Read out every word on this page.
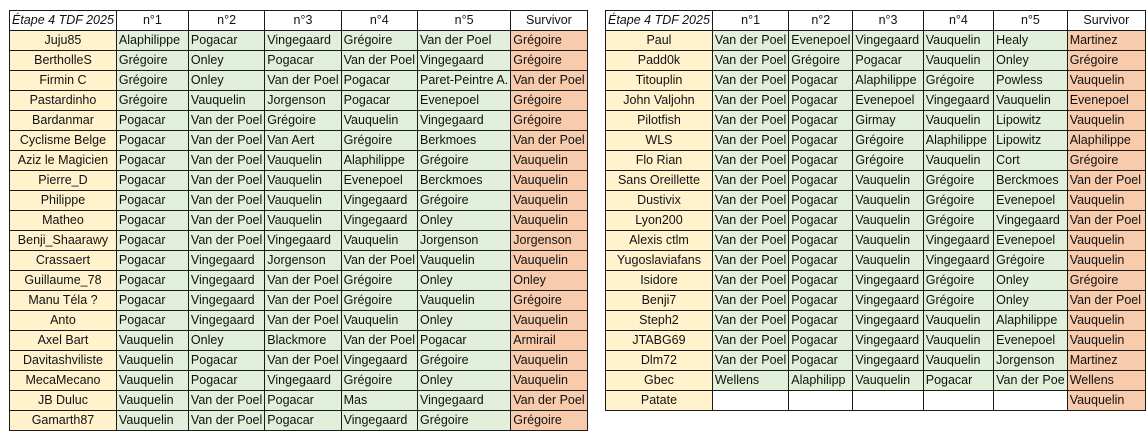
Étape 4 TDF 2025	n°1	n°2	n°3	n°4	n°5	Survivor
Juju85	Alaphilippe	Pogacar	Vingegaard	Grégoire	Van der Poel	Grégoire
BertholleS	Grégoire	Onley	Pogacar	Van der Poel	Vingegaard	Grégoire
Firmin C	Grégoire	Onley	Van der Poel	Pogacar	Paret-Peintre A.	Van der Poel
Pastardinho	Grégoire	Vauquelin	Jorgenson	Pogacar	Evenepoel	Grégoire
Bardanmar	Pogacar	Van der Poel	Grégoire	Vauquelin	Vingegaard	Grégoire
Cyclisme Belge	Pogacar	Van der Poel	Van Aert	Grégoire	Berkmoes	Van der Poel
Aziz le Magicien	Pogacar	Van der Poel	Vauquelin	Alaphilippe	Grégoire	Vauquelin
Pierre_D	Pogacar	Van der Poel	Vauquelin	Evenepoel	Berckmoes	Vauquelin
Philippe	Pogacar	Van der Poel	Vauquelin	Vingegaard	Grégoire	Vauquelin
Matheo	Pogacar	Van der Poel	Vauquelin	Vingegaard	Onley	Vauquelin
Benji_Shaarawy	Pogacar	Van der Poel	Vingegaard	Vauquelin	Jorgenson	Jorgenson
Crassaert	Pogacar	Vingegaard	Jorgenson	Van der Poel	Vauquelin	Vauquelin
Guillaume_78	Pogacar	Vingegaard	Van der Poel	Grégoire	Onley	Onley
Manu Téla ?	Pogacar	Vingegaard	Van der Poel	Grégoire	Vauquelin	Grégoire
Anto	Pogacar	Vingegaard	Van der Poel	Vauquelin	Onley	Vauquelin
Axel Bart	Vauquelin	Onley	Blackmore	Van der Poel	Pogacar	Armirail
Davitashviliste	Vauquelin	Pogacar	Van der Poel	Vingegaard	Grégoire	Vauquelin
MecaMecano	Vauquelin	Pogacar	Vingegaard	Grégoire	Onley	Vauquelin
JB Duluc	Vauquelin	Van der Poel	Pogacar	Mas	Vingegaard	Van der Poel
Gamarth87	Vauquelin	Van der Poel	Pogacar	Vingegaard	Grégoire	Grégoire
Étape 4 TDF 2025	n°1	n°2	n°3	n°4	n°5	Survivor
Paul	Van der Poel	Evenepoel	Vingegaard	Vauquelin	Healy	Martinez
Padd0k	Van der Poel	Grégoire	Pogacar	Vauquelin	Onley	Grégoire
Titouplin	Van der Poel	Pogacar	Alaphilippe	Grégoire	Powless	Vauquelin
John Valjohn	Van der Poel	Pogacar	Evenepoel	Vingegaard	Vauquelin	Evenepoel
Pilotfish	Van der Poel	Pogacar	Girmay	Vauquelin	Lipowitz	Vauquelin
WLS	Van der Poel	Pogacar	Grégoire	Alaphilippe	Lipowitz	Alaphilippe
Flo Rian	Van der Poel	Pogacar	Grégoire	Vauquelin	Cort	Grégoire
Sans Oreillette	Van der Poel	Pogacar	Vauquelin	Grégoire	Berckmoes	Van der Poel
Dustivix	Van der Poel	Pogacar	Vauquelin	Grégoire	Evenepoel	Vauquelin
Lyon200	Van der Poel	Pogacar	Vauquelin	Grégoire	Vingegaard	Van der Poel
Alexis ctlm	Van der Poel	Pogacar	Vauquelin	Vingegaard	Evenepoel	Vauquelin
Yugoslaviafans	Van der Poel	Pogacar	Vauquelin	Vingegaard	Grégoire	Vauquelin
Isidore	Van der Poel	Pogacar	Vingegaard	Grégoire	Onley	Grégoire
Benji7	Van der Poel	Pogacar	Vingegaard	Grégoire	Onley	Van der Poel
Steph2	Van der Poel	Pogacar	Vingegaard	Vauquelin	Alaphilippe	Vauquelin
JTABG69	Van der Poel	Pogacar	Vingegaard	Vauquelin	Evenepoel	Vauquelin
Dlm72	Van der Poel	Pogacar	Vingegaard	Vauquelin	Jorgenson	Martinez
Gbec	Wellens	Alaphilipp	Vauquelin	Pogacar	Van der Poe	Wellens
Patate						Vauquelin
